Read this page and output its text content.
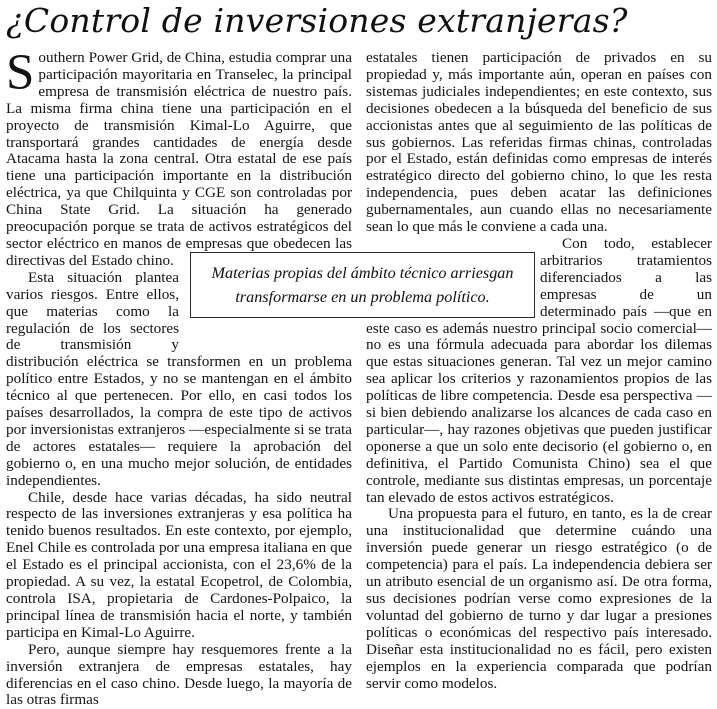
¿Control de inversiones extranjeras?

Southern Power Grid, de China, estudia comprar una participación mayoritaria en Transelec, la principal empresa de transmisión eléctrica de nuestro país. La misma firma china tiene una participación en el proyecto de transmisión Kimal-Lo Aguirre, que transportará grandes cantidades de energía desde Atacama hasta la zona central. Otra estatal de ese país tiene una participación importante en la distribución eléctrica, ya que Chilquinta y CGE son controladas por China State Grid. La situación ha generado preocupación porque se trata de activos estratégicos del sector eléctrico en manos de empresas que obedecen las directivas del Estado chino.

Esta situación plantea varios riesgos. Entre ellos, que materias como la regulación de los sectores de transmisión y distribución eléctrica se transformen en un problema político entre Estados, y no se mantengan en el ámbito técnico al que pertenecen. Por ello, en casi todos los países desarrollados, la compra de este tipo de activos por inversionistas extranjeros —especialmente si se trata de actores estatales— requiere la aprobación del gobierno o, en una mucho mejor solución, de entidades independientes.

Chile, desde hace varias décadas, ha sido neutral respecto de las inversiones extranjeras y esa política ha tenido buenos resultados. En este contexto, por ejemplo, Enel Chile es controlada por una empresa italiana en que el Estado es el principal accionista, con el 23,6% de la propiedad. A su vez, la estatal Ecopetrol, de Colombia, controla ISA, propietaria de Cardones-Polpaico, la principal línea de transmisión hacia el norte, y también participa en Kimal-Lo Aguirre.

Pero, aunque siempre hay resquemores frente a la inversión extranjera de empresas estatales, hay diferencias en el caso chino. Desde luego, la mayoría de las otras firmas

estatales tienen participación de privados en su propiedad y, más importante aún, operan en países con sistemas judiciales independientes; en este contexto, sus decisiones obedecen a la búsqueda del beneficio de sus accionistas antes que al seguimiento de las políticas de sus gobiernos. Las referidas firmas chinas, controladas por el Estado, están definidas como empresas de interés estratégico directo del gobierno chino, lo que les resta independencia, pues deben acatar las definiciones gubernamentales, aun cuando ellas no necesariamente sean lo que más le conviene a cada una.

Con todo, establecer arbitrarios tratamientos diferenciados a las empresas de un determinado país —que en este caso es además nuestro principal socio comercial— no es una fórmula adecuada para abordar los dilemas que estas situaciones generan. Tal vez un mejor camino sea aplicar los criterios y razonamientos propios de las políticas de libre competencia. Desde esa perspectiva —si bien debiendo analizarse los alcances de cada caso en particular—, hay razones objetivas que pueden justificar oponerse a que un solo ente decisorio (el gobierno o, en definitiva, el Partido Comunista Chino) sea el que controle, mediante sus distintas empresas, un porcentaje tan elevado de estos activos estratégicos.

Una propuesta para el futuro, en tanto, es la de crear una institucionalidad que determine cuándo una inversión puede generar un riesgo estratégico (o de competencia) para el país. La independencia debiera ser un atributo esencial de un organismo así. De otra forma, sus decisiones podrían verse como expresiones de la voluntad del gobierno de turno y dar lugar a presiones políticas o económicas del respectivo país interesado. Diseñar esta institucionalidad no es fácil, pero existen ejemplos en la experiencia comparada que podrían servir como modelos.

Materias propias del ámbito técnico arriesgan transformarse en un problema político.
